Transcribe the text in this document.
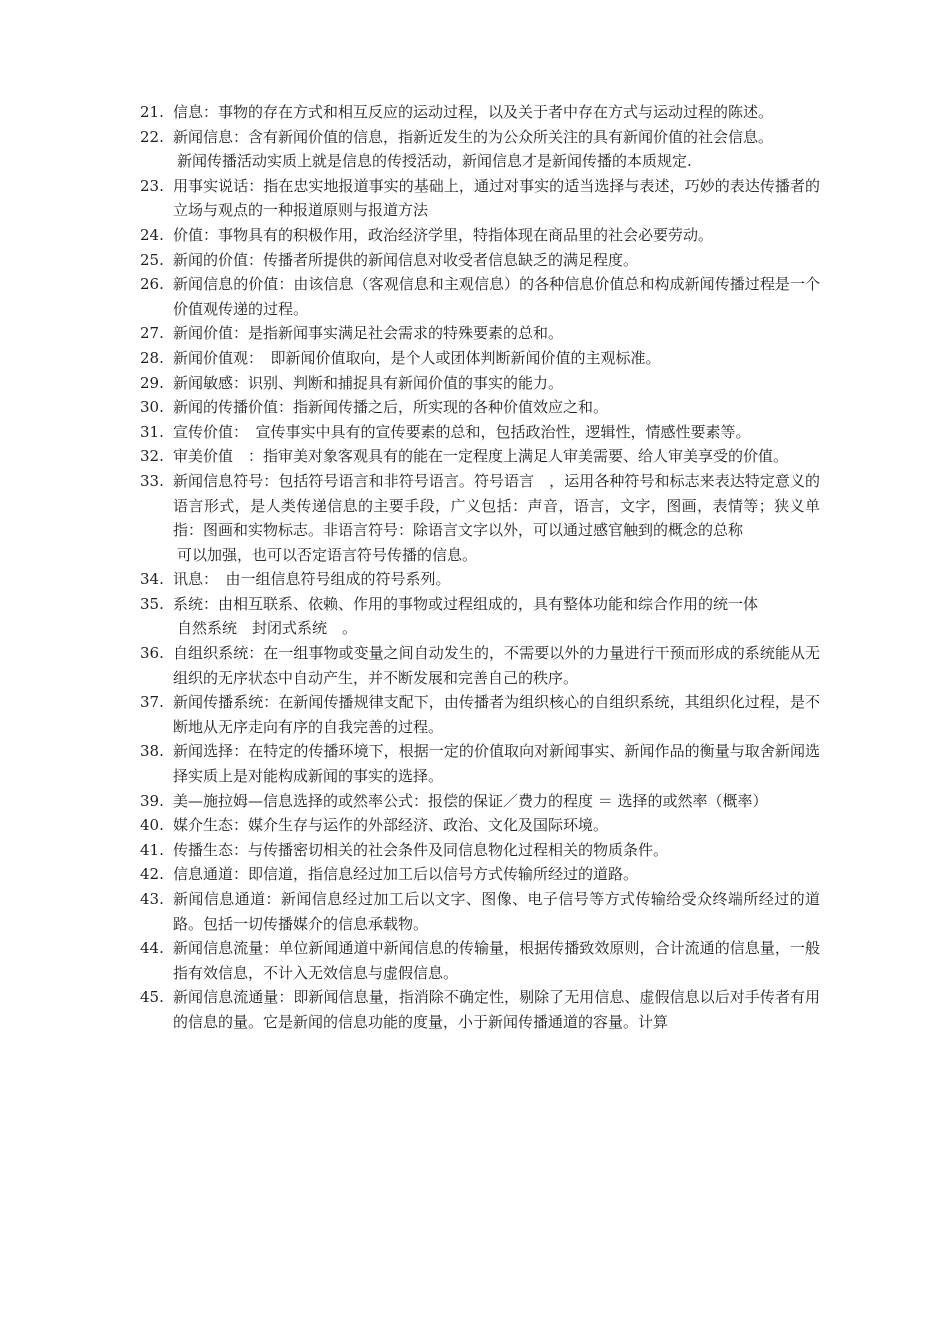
21. 信息：事物的存在方式和相互反应的运动过程，以及关于者中存在方式与运动过程的陈述。
22. 新闻信息：含有新闻价值的信息，指新近发生的为公众所关注的具有新闻价值的社会信息。
新闻传播活动实质上就是信息的传授活动，新闻信息才是新闻传播的本质规定.
23. 用事实说话：指在忠实地报道事实的基础上，通过对事实的适当选择与表述，巧妙的表达传播者的立场与观点的一种报道原则与报道方法
24. 价值：事物具有的积极作用，政治经济学里，特指体现在商品里的社会必要劳动。
25. 新闻的价值：传播者所提供的新闻信息对收受者信息缺乏的满足程度。
26. 新闻信息的价值：由该信息（客观信息和主观信息）的各种信息价值总和构成新闻传播过程是一个价值观传递的过程。
27. 新闻价值：是指新闻事实满足社会需求的特殊要素的总和。
28. 新闻价值观：　即新闻价值取向，是个人或团体判断新闻价值的主观标准。
29. 新闻敏感：识别、判断和捕捉具有新闻价值的事实的能力。
30. 新闻的传播价值：指新闻传播之后，所实现的各种价值效应之和。
31. 宣传价值：　宣传事实中具有的宣传要素的总和，包括政治性，逻辑性，情感性要素等。
32. 审美价值　：指审美对象客观具有的能在一定程度上满足人审美需要、给人审美享受的价值。
33. 新闻信息符号：包括符号语言和非符号语言。符号语言　，运用各种符号和标志来表达特定意义的语言形式，是人类传递信息的主要手段，广义包括：声音，语言，文字，图画，表情等；狭义单指：图画和实物标志。非语言符号：除语言文字以外，可以通过感官触到的概念的总称
可以加强，也可以否定语言符号传播的信息。
34. 讯息：　由一组信息符号组成的符号系列。
35. 系统：由相互联系、依赖、作用的事物或过程组成的，具有整体功能和综合作用的统一体
自然系统　封闭式系统　。
36. 自组织系统：在一组事物或变量之间自动发生的，不需要以外的力量进行干预而形成的系统能从无组织的无序状态中自动产生，并不断发展和完善自己的秩序。
37. 新闻传播系统：在新闻传播规律支配下，由传播者为组织核心的自组织系统，其组织化过程，是不断地从无序走向有序的自我完善的过程。
38. 新闻选择：在特定的传播环境下，根据一定的价值取向对新闻事实、新闻作品的衡量与取舍新闻选择实质上是对能构成新闻的事实的选择。
39. 美—施拉姆—信息选择的或然率公式：报偿的保证／费力的程度 ＝ 选择的或然率（概率）
40. 媒介生态：媒介生存与运作的外部经济、政治、文化及国际环境。
41. 传播生态：与传播密切相关的社会条件及同信息物化过程相关的物质条件。
42. 信息通道：即信道，指信息经过加工后以信号方式传输所经过的道路。
43. 新闻信息通道：新闻信息经过加工后以文字、图像、电子信号等方式传输给受众终端所经过的道路。包括一切传播媒介的信息承载物。
44. 新闻信息流量：单位新闻通道中新闻信息的传输量，根据传播致效原则，合计流通的信息量，一般指有效信息，不计入无效信息与虚假信息。
45. 新闻信息流通量：即新闻信息量，指消除不确定性，剔除了无用信息、虚假信息以后对手传者有用的信息的量。它是新闻的信息功能的度量，小于新闻传播通道的容量。计算
